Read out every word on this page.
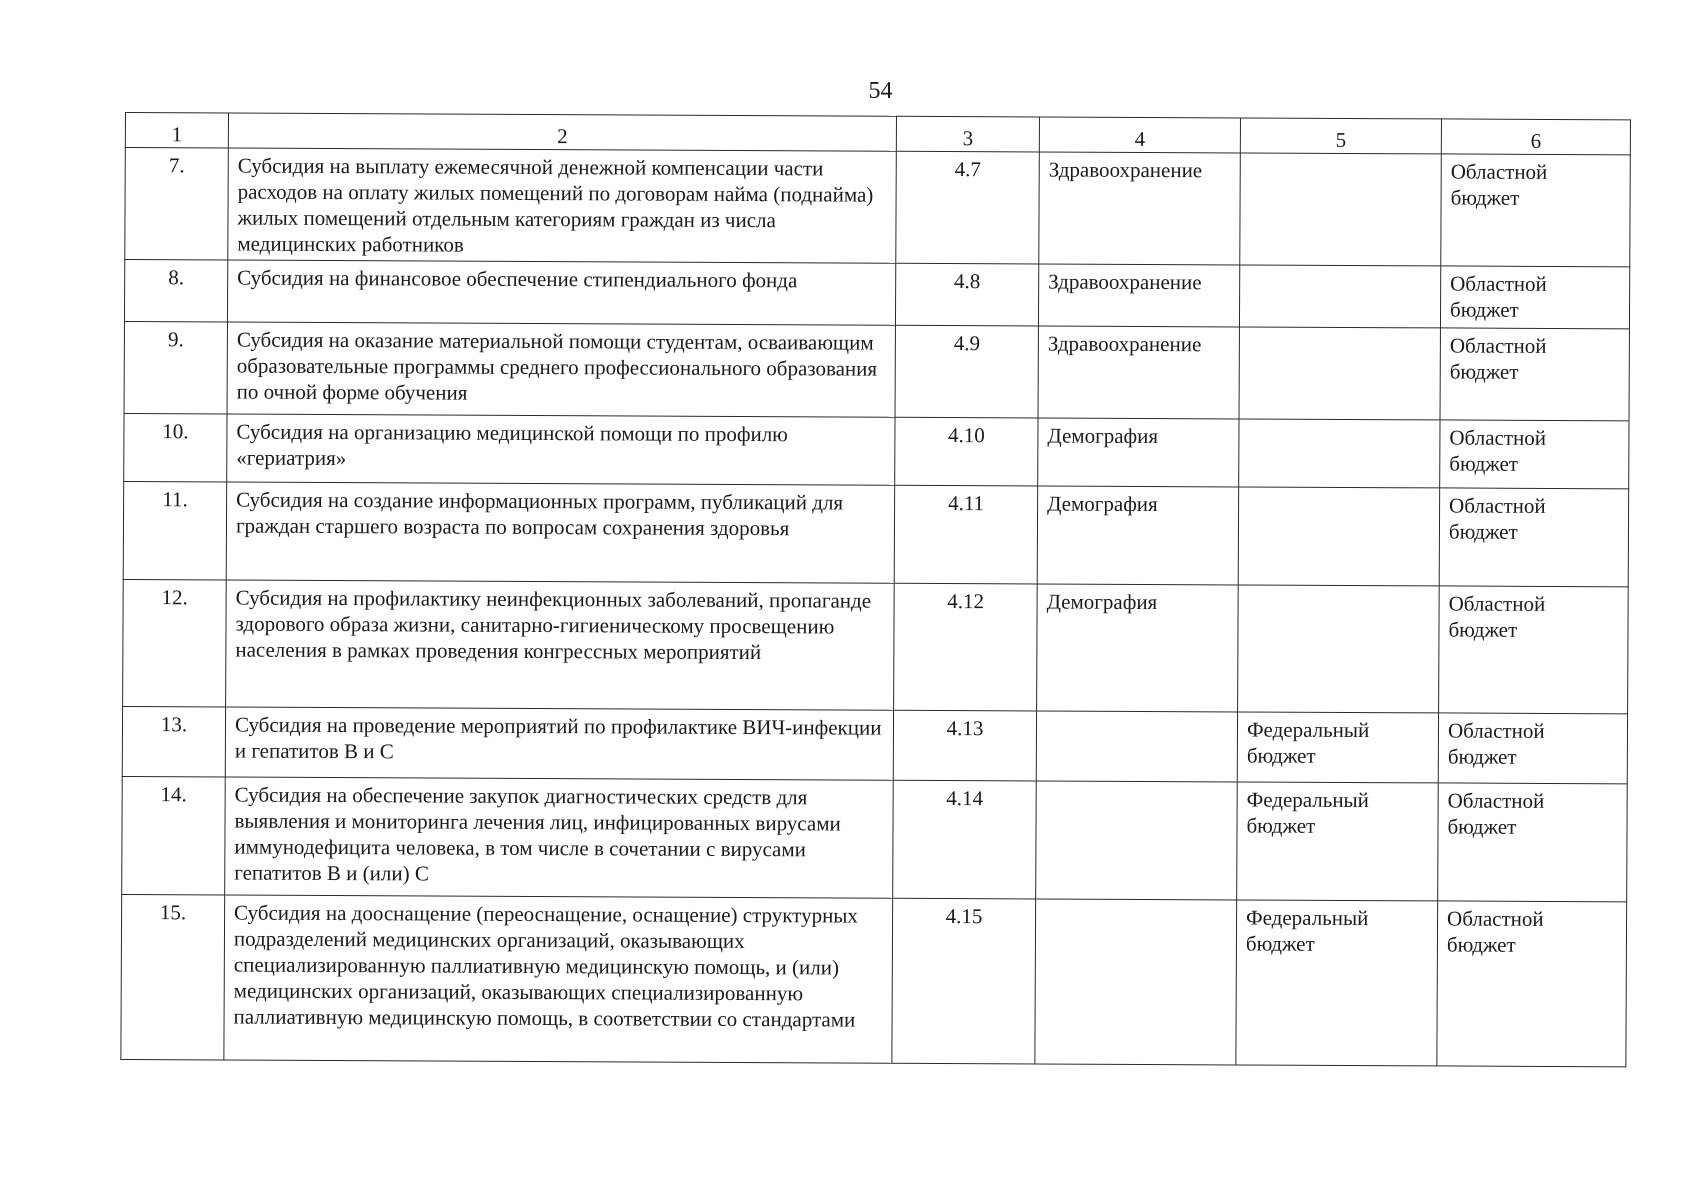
54
1	2	3	4	5	6
7.	Субсидия на выплату ежемесячной денежной компенсации части расходов на оплату жилых помещений по договорам найма (поднайма) жилых помещений отдельным категориям граждан из числа медицинских работников	4.7	Здравоохранение		Областной бюджет
8.	Субсидия на финансовое обеспечение стипендиального фонда	4.8	Здравоохранение		Областной бюджет
9.	Субсидия на оказание материальной помощи студентам, осваивающим образовательные программы среднего профессионального образования по очной форме обучения	4.9	Здравоохранение		Областной бюджет
10.	Субсидия на организацию медицинской помощи по профилю «гериатрия»	4.10	Демография		Областной бюджет
11.	Субсидия на создание информационных программ, публикаций для граждан старшего возраста по вопросам сохранения здоровья	4.11	Демография		Областной бюджет
12.	Субсидия на профилактику неинфекционных заболеваний, пропаганде здорового образа жизни, санитарно-гигиеническому просвещению населения в рамках проведения конгрессных мероприятий	4.12	Демография		Областной бюджет
13.	Субсидия на проведение мероприятий по профилактике ВИЧ-инфекции и гепатитов В и С	4.13		Федеральный бюджет	Областной бюджет
14.	Субсидия на обеспечение закупок диагностических средств для выявления и мониторинга лечения лиц, инфицированных вирусами иммунодефицита человека, в том числе в сочетании с вирусами гепатитов В и (или) С	4.14		Федеральный бюджет	Областной бюджет
15.	Субсидия на дооснащение (переоснащение, оснащение) структурных подразделений медицинских организаций, оказывающих специализированную паллиативную медицинскую помощь, и (или) медицинских организаций, оказывающих специализированную паллиативную медицинскую помощь, в соответствии со стандартами	4.15		Федеральный бюджет	Областной бюджет
